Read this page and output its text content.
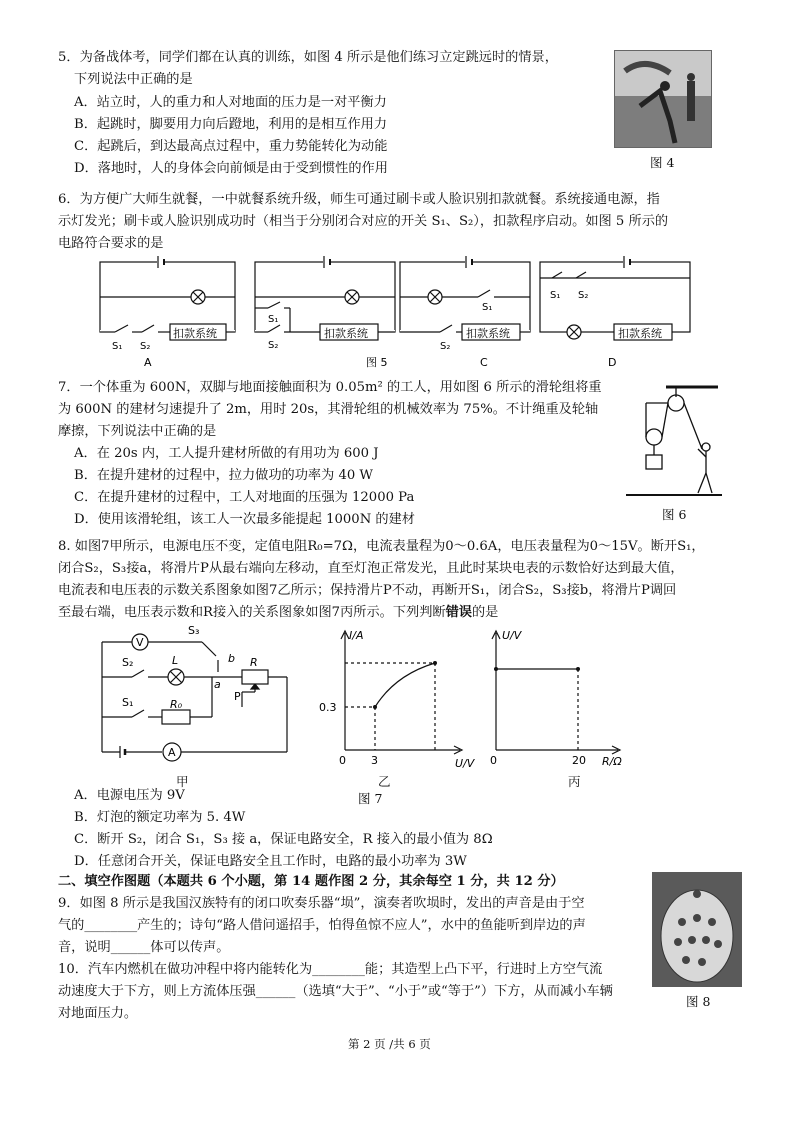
5．为备战体考，同学们都在认真的训练，如图 4 所示是他们练习立定跳远时的情景，
下列说法中正确的是
A．站立时，人的重力和人对地面的压力是一对平衡力
B．起跳时，脚要用力向后蹬地，利用的是相互作用力
C．起跳后，到达最高点过程中，重力势能转化为动能
D．落地时，人的身体会向前倾是由于受到惯性的作用	图 4
6．为方便广大师生就餐，一中就餐系统升级，师生可通过刷卡或人脸识别扣款就餐。系统接通电源，指
示灯发光；刷卡或人脸识别成功时（相当于分别闭合对应的开关 S₁、S₂），扣款程序启动。如图 5 所示的
电路符合要求的是
扣款系统
S₁ S₂
A
扣款系统
S₁
S₂
图 5
扣款系统
S₁
S₂
C
扣款系统
S₁ S₂
D
7．一个体重为 600N，双脚与地面接触面积为 0.05m² 的工人，用如图 6 所示的滑轮组将重
为 600N 的建材匀速提升了 2m，用时 20s，其滑轮组的机械效率为 75%。不计绳重及轮轴
摩擦，下列说法中正确的是
A．在 20s 内，工人提升建材所做的有用功为 600 J
B．在提升建材的过程中，拉力做功的功率为 40 W
C．在提升建材的过程中，工人对地面的压强为 12000 Pa
D．使用该滑轮组，该工人一次最多能提起 1000N 的建材	图 6
8. 如图7甲所示，电源电压不变，定值电阻R₀=7Ω，电流表量程为0～0.6A，电压表量程为0～15V。断开S₁，
闭合S₂，S₃接a，将滑片P从最右端向左移动，直至灯泡正常发光，且此时某块电表的示数恰好达到最大值，
电流表和电压表的示数关系图象如图7乙所示；保持滑片P不动，再断开S₁，闭合S₂，S₃接b，将滑片P调回
至最右端，电压表示数和R接入的关系图象如图7丙所示。下列判断错误的是
V
A
S₃
b
a
S₂
S₁
L	R
P
R₀
甲
I/A
U/V
0.3
3
0
乙
图 7
U/V
R/Ω
20
0
丙
A．电源电压为 9V
B．灯泡的额定功率为 5. 4W
C．断开 S₂，闭合 S₁，S₃ 接 a，保证电路安全，R 接入的最小值为 8Ω
D．任意闭合开关，保证电路安全且工作时，电路的最小功率为 3W
二、填空作图题（本题共 6 个小题，第 14 题作图 2 分，其余每空 1 分，共 12 分）
9．如图 8 所示是我国汉族特有的闭口吹奏乐器“埙”，演奏者吹埙时，发出的声音是由于空
气的________产生的；诗句“路人借问遥招手，怕得鱼惊不应人”，水中的鱼能听到岸边的声
音，说明______体可以传声。
图 8
10．汽车内燃机在做功冲程中将内能转化为________能；其造型上凸下平，行进时上方空气流
动速度大于下方，则上方流体压强______（选填“大于”、“小于”或“等于”）下方，从而减小车辆
对地面压力。
第 2 页 /共 6 页
